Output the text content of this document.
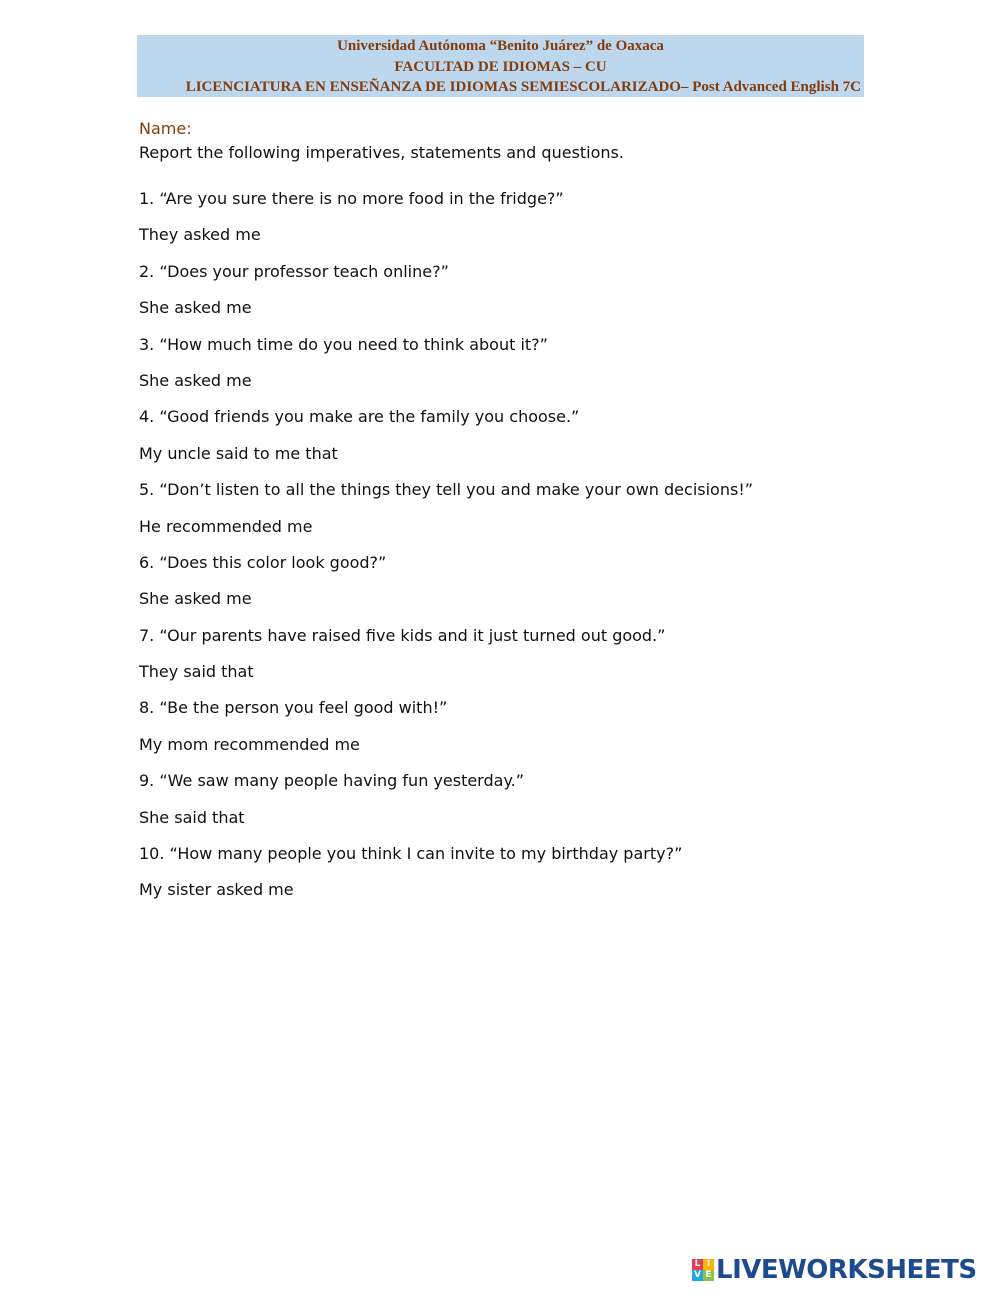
Universidad Autónoma “Benito Juárez” de Oaxaca
FACULTAD DE IDIOMAS – CU
LICENCIATURA EN ENSEÑANZA DE IDIOMAS SEMIESCOLARIZADO– Post Advanced English 7C
Name:
Report the following imperatives, statements and questions.
1. “Are you sure there is no more food in the fridge?”
They asked me
2. “Does your professor teach online?”
She asked me
3. “How much time do you need to think about it?”
She asked me
4. “Good friends you make are the family you choose.”
My uncle said to me that
5. “Don’t listen to all the things they tell you and make your own decisions!”
He recommended me
6. “Does this color look good?”
She asked me
7. “Our parents have raised five kids and it just turned out good.”
They said that
8. “Be the person you feel good with!”
My mom recommended me
9. “We saw many people having fun yesterday.”
She said that
10. “How many people you think I can invite to my birthday party?”
My sister asked me
L I
V E LIVEWORKSHEETS
